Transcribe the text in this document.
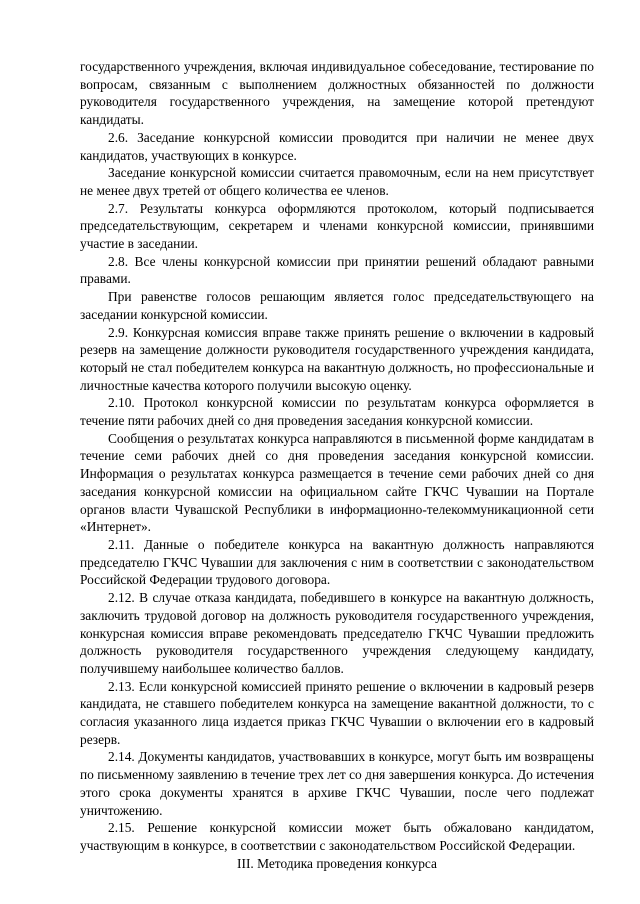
государственного учреждения, включая индивидуальное собеседование, тестирование по вопросам, связанным с выполнением должностных обязанностей по должности руководителя государственного учреждения, на замещение которой претендуют кандидаты.

2.6. Заседание конкурсной комиссии проводится при наличии не менее двух кандидатов, участвующих в конкурсе.

Заседание конкурсной комиссии считается правомочным, если на нем присутствует не менее двух третей от общего количества ее членов.

2.7. Результаты конкурса оформляются протоколом, который подписывается председательствующим, секретарем и членами конкурсной комиссии, принявшими участие в заседании.

2.8. Все члены конкурсной комиссии при принятии решений обладают равными правами.

При равенстве голосов решающим является голос председательствующего на заседании конкурсной комиссии.

2.9. Конкурсная комиссия вправе также принять решение о включении в кадровый резерв на замещение должности руководителя государственного учреждения кандидата, который не стал победителем конкурса на вакантную должность, но профессиональные и личностные качества которого получили высокую оценку.

2.10. Протокол конкурсной комиссии по результатам конкурса оформляется в течение пяти рабочих дней со дня проведения заседания конкурсной комиссии.

Сообщения о результатах конкурса направляются в письменной форме кандидатам в течение семи рабочих дней со дня проведения заседания конкурсной комиссии. Информация о результатах конкурса размещается в течение семи рабочих дней со дня заседания конкурсной комиссии на официальном сайте ГКЧС Чувашии на Портале органов власти Чувашской Республики в информационно-телекоммуникационной сети «Интернет».

2.11. Данные о победителе конкурса на вакантную должность направляются председателю ГКЧС Чувашии для заключения с ним в соответствии с законодательством Российской Федерации трудового договора.

2.12. В случае отказа кандидата, победившего в конкурсе на вакантную должность, заключить трудовой договор на должность руководителя государственного учреждения, конкурсная комиссия вправе рекомендовать председателю ГКЧС Чувашии предложить должность руководителя государственного учреждения следующему кандидату, получившему наибольшее количество баллов.

2.13. Если конкурсной комиссией принято решение о включении в кадровый резерв кандидата, не ставшего победителем конкурса на замещение вакантной должности, то с согласия указанного лица издается приказ ГКЧС Чувашии о включении его в кадровый резерв.

2.14. Документы кандидатов, участвовавших в конкурсе, могут быть им возвращены по письменному заявлению в течение трех лет со дня завершения конкурса. До истечения этого срока документы хранятся в архиве ГКЧС Чувашии, после чего подлежат уничтожению.

2.15. Решение конкурсной комиссии может быть обжаловано кандидатом, участвующим в конкурсе, в соответствии с законодательством Российской Федерации.

III. Методика проведения конкурса
